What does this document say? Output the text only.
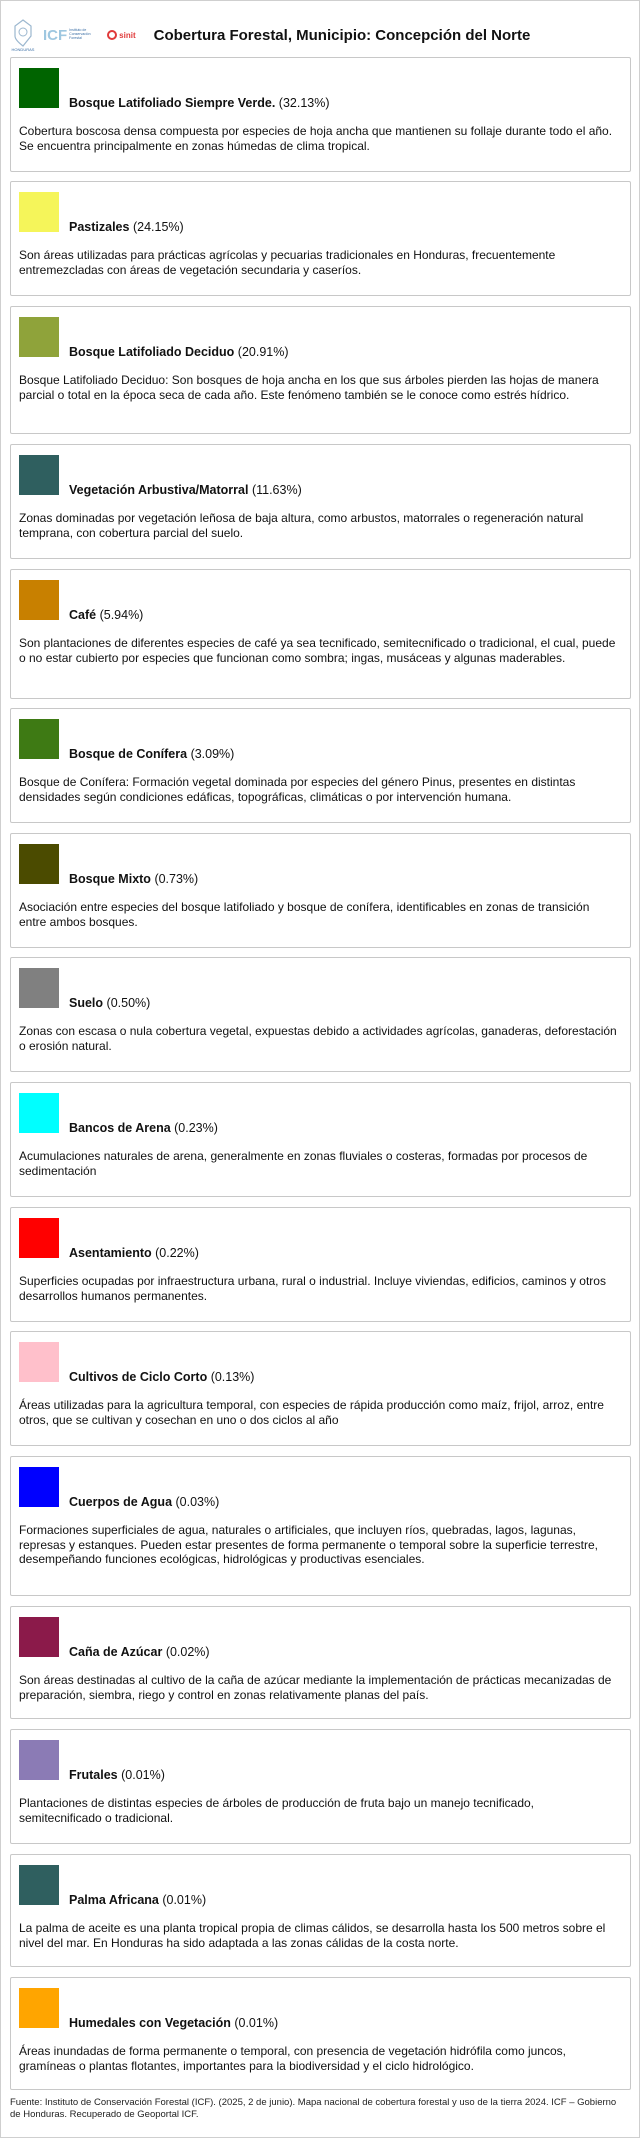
HONDURAS
ICF Instituto de Conservación Forestal	sinit Cobertura Forestal, Municipio: Concepción del Norte
Bosque Latifoliado Siempre Verde. (32.13%)
Cobertura boscosa densa compuesta por especies de hoja ancha que mantienen su follaje durante todo el año. Se encuentra principalmente en zonas húmedas de clima tropical.
Pastizales (24.15%)
Son áreas utilizadas para prácticas agrícolas y pecuarias tradicionales en Honduras, frecuentemente entremezcladas con áreas de vegetación secundaria y caseríos.
Bosque Latifoliado Deciduo (20.91%)
Bosque Latifoliado Deciduo: Son bosques de hoja ancha en los que sus árboles pierden las hojas de manera parcial o total en la época seca de cada año. Este fenómeno también se le conoce como estrés hídrico.
Vegetación Arbustiva/Matorral (11.63%)
Zonas dominadas por vegetación leñosa de baja altura, como arbustos, matorrales o regeneración natural temprana, con cobertura parcial del suelo.
Café (5.94%)
Son plantaciones de diferentes especies de café ya sea tecnificado, semitecnificado o tradicional, el cual, puede o no estar cubierto por especies que funcionan como sombra; ingas, musáceas y algunas maderables.
Bosque de Conífera (3.09%)
Bosque de Conífera: Formación vegetal dominada por especies del género Pinus, presentes en distintas densidades según condiciones edáficas, topográficas, climáticas o por intervención humana.
Bosque Mixto (0.73%)
Asociación entre especies del bosque latifoliado y bosque de conífera, identificables en zonas de transición entre ambos bosques.
Suelo (0.50%)
Zonas con escasa o nula cobertura vegetal, expuestas debido a actividades agrícolas, ganaderas, deforestación o erosión natural.
Bancos de Arena (0.23%)
Acumulaciones naturales de arena, generalmente en zonas fluviales o costeras, formadas por procesos de sedimentación
Asentamiento (0.22%)
Superficies ocupadas por infraestructura urbana, rural o industrial. Incluye viviendas, edificios, caminos y otros desarrollos humanos permanentes.
Cultivos de Ciclo Corto (0.13%)
Áreas utilizadas para la agricultura temporal, con especies de rápida producción como maíz, frijol, arroz, entre otros, que se cultivan y cosechan en uno o dos ciclos al año
Cuerpos de Agua (0.03%)
Formaciones superficiales de agua, naturales o artificiales, que incluyen ríos, quebradas, lagos, lagunas, represas y estanques. Pueden estar presentes de forma permanente o temporal sobre la superficie terrestre, desempeñando funciones ecológicas, hidrológicas y productivas esenciales.
Caña de Azúcar (0.02%)
Son áreas destinadas al cultivo de la caña de azúcar mediante la implementación de prácticas mecanizadas de preparación, siembra, riego y control en zonas relativamente planas del país.
Frutales (0.01%)
Plantaciones de distintas especies de árboles de producción de fruta bajo un manejo tecnificado, semitecnificado o tradicional.
Palma Africana (0.01%)
La palma de aceite es una planta tropical propia de climas cálidos, se desarrolla hasta los 500 metros sobre el nivel del mar. En Honduras ha sido adaptada a las zonas cálidas de la costa norte.
Humedales con Vegetación (0.01%)
Áreas inundadas de forma permanente o temporal, con presencia de vegetación hidrófila como juncos, gramíneas o plantas flotantes, importantes para la biodiversidad y el ciclo hidrológico.
Fuente: Instituto de Conservación Forestal (ICF). (2025, 2 de junio). Mapa nacional de cobertura forestal y uso de la tierra 2024. ICF – Gobierno de Honduras. Recuperado de Geoportal ICF.
